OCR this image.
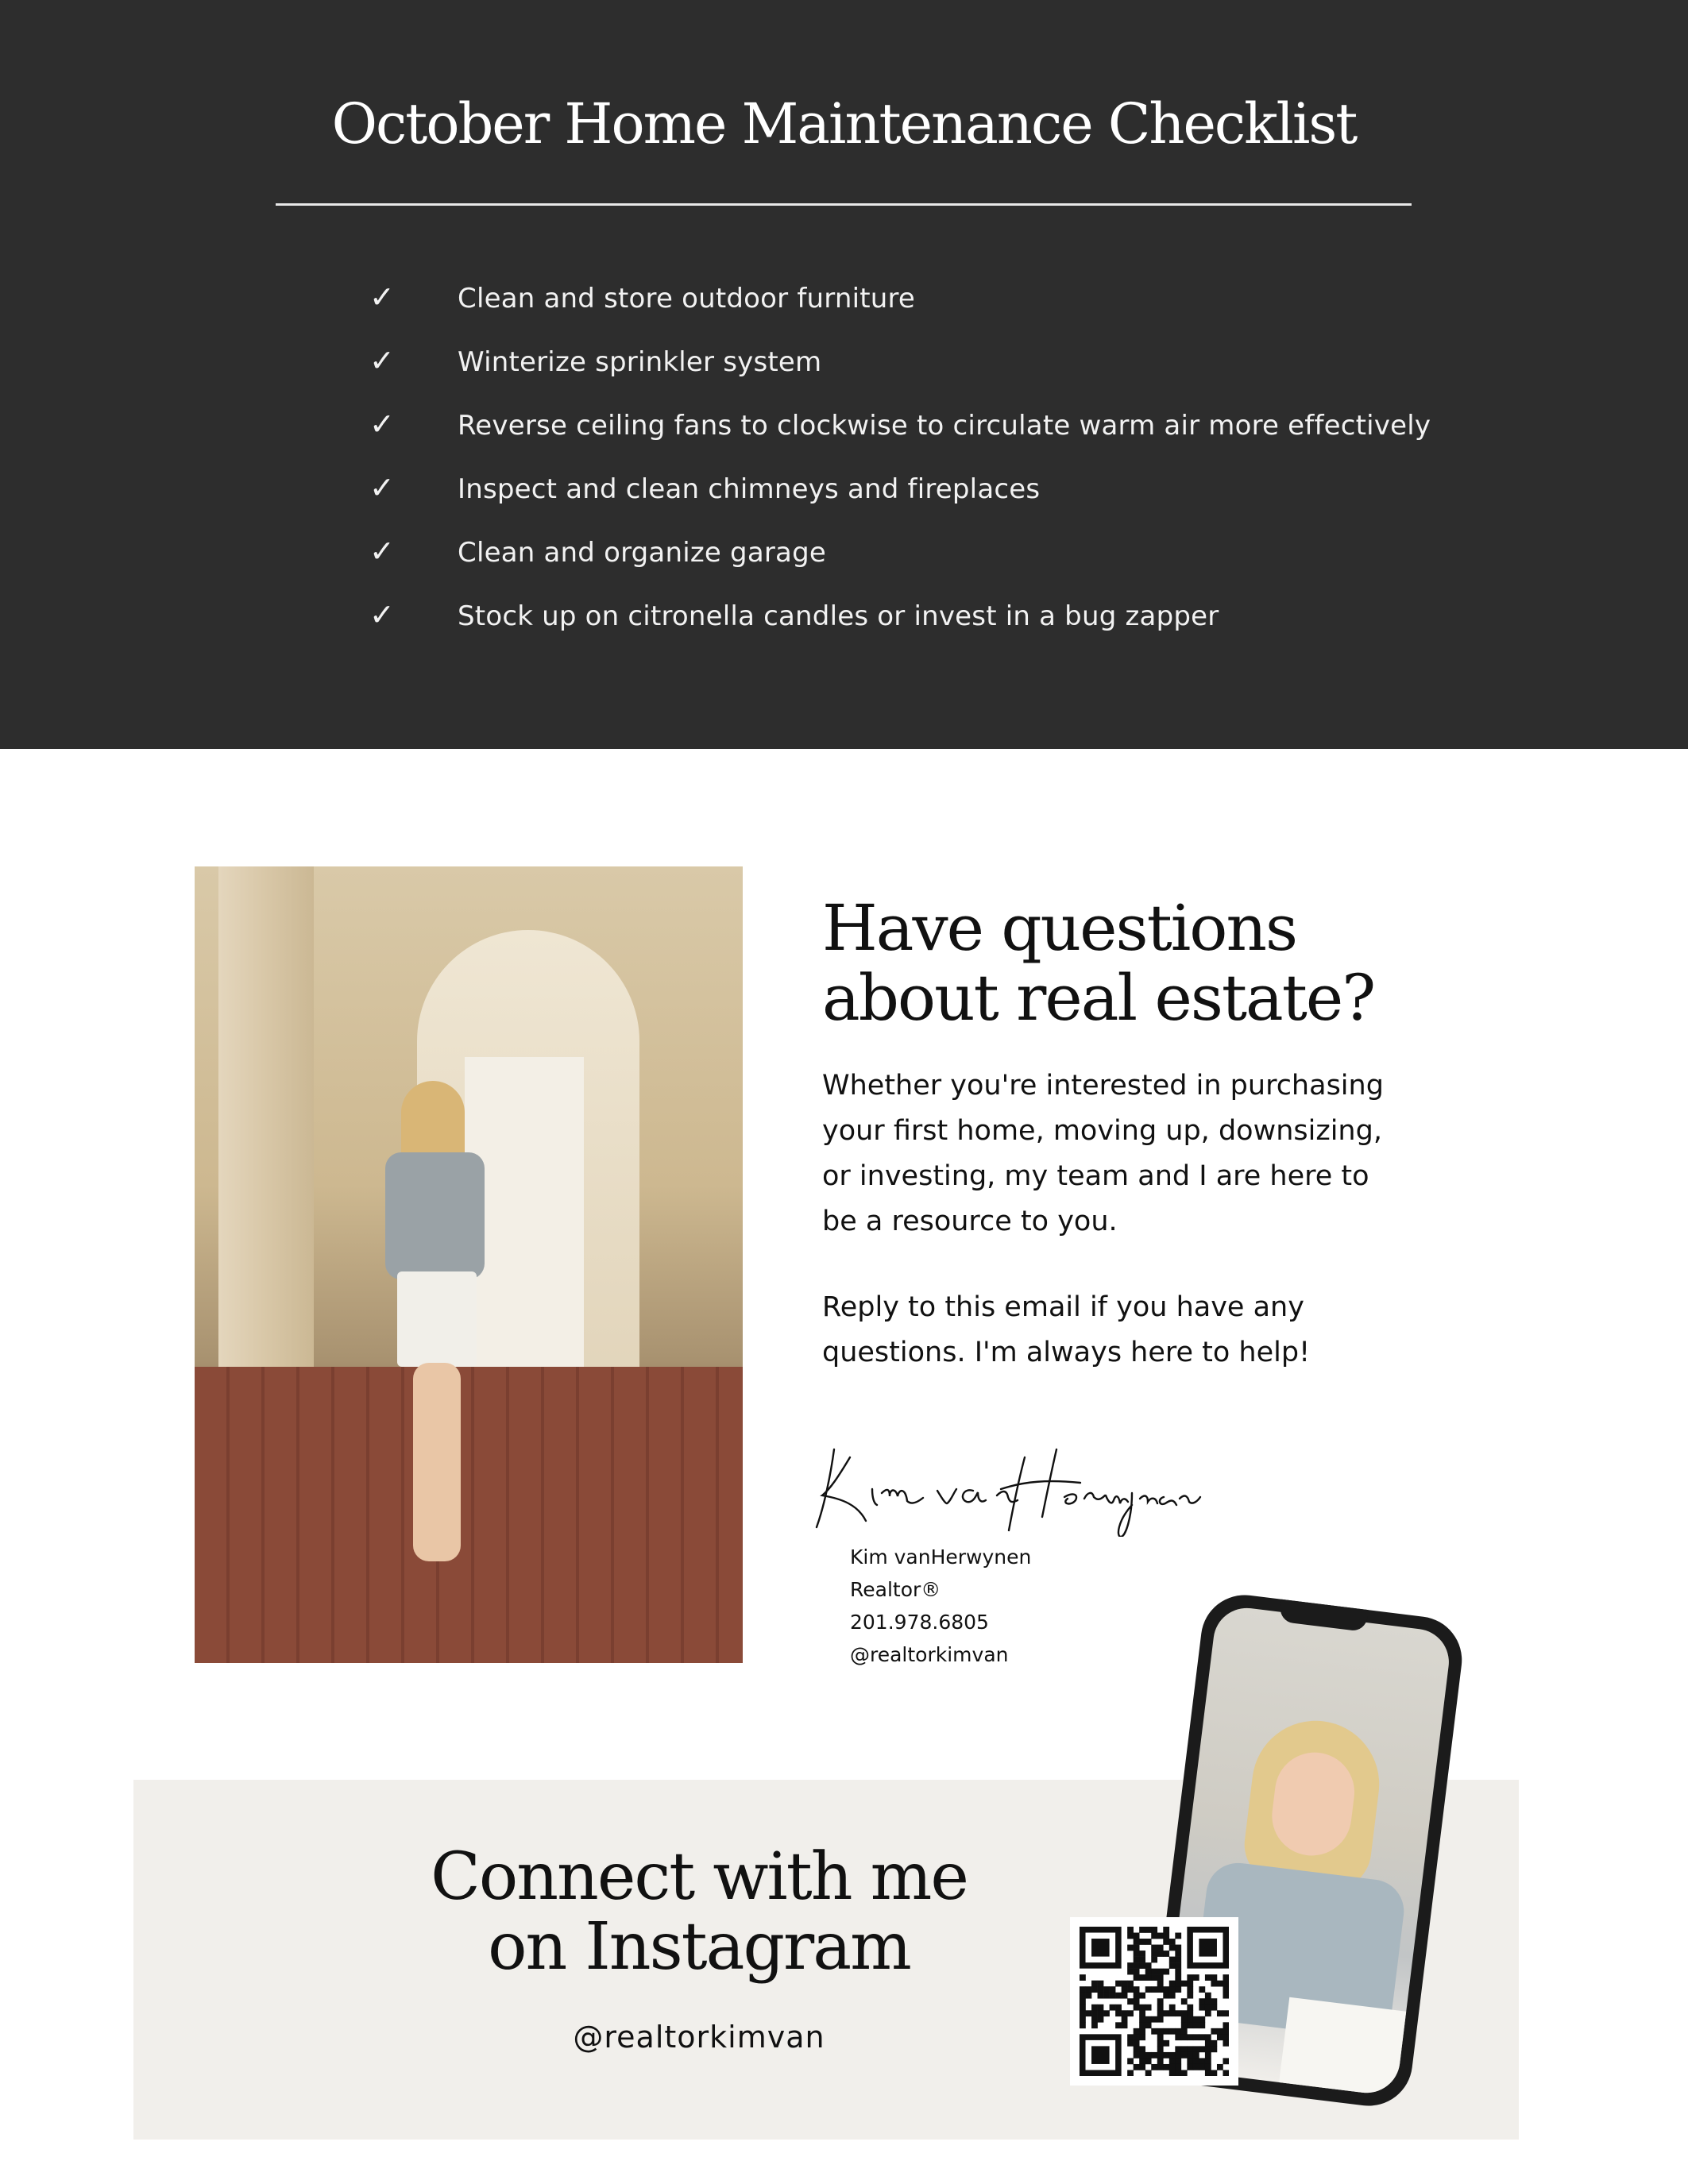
October Home Maintenance Checklist
✓ Clean and store outdoor furniture
✓ Winterize sprinkler system
✓ Reverse ceiling fans to clockwise to circulate warm air more effectively
✓ Inspect and clean chimneys and fireplaces
✓ Clean and organize garage
✓ Stock up on citronella candles or invest in a bug zapper
Have questions
about real estate?

Whether you're interested in purchasing
your first home, moving up, downsizing,
or investing, my team and I are here to
be a resource to you.

Reply to this email if you have any
questions. I'm always here to help!

Kim vanHerwynen
Realtor®
201.978.6805
@realtorkimvan
Connect with me
on Instagram
@realtorkimvan
